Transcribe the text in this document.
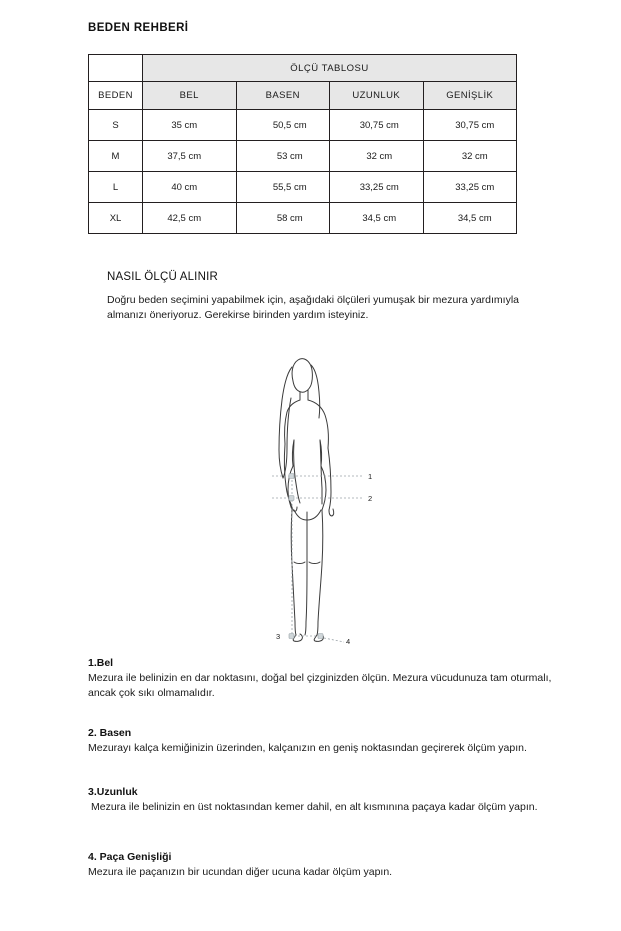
BEDEN REHBERİ
	ÖLÇÜ TABLOSU			
BEDEN	BEL	BASEN	UZUNLUK	GENİŞLİK
S	35 cm	50,5 cm	30,75 cm	30,75 cm

M	37,5 cm	53 cm	32 cm	32 cm

L	40 cm	55,5 cm	33,25 cm	33,25 cm

XL	42,5 cm	58 cm	34,5 cm	34,5 cm
NASIL ÖLÇÜ ALINIR
Doğru beden seçimini yapabilmek için, aşağıdaki ölçüleri yumuşak bir mezura yardımıyla almanızı öneriyoruz. Gerekirse birinden yardım isteyiniz.
1
2
3
4
1.Bel

Mezura ile belinizin en dar noktasını, doğal bel çizginizden ölçün. Mezura vücudunuza tam oturmalı, ancak çok sıkı olmamalıdır.

2. Basen

Mezurayı kalça kemiğinizin üzerinden, kalçanızın en geniş noktasından geçirerek ölçüm yapın.

3.Uzunluk

Mezura ile belinizin en üst noktasından kemer dahil, en alt kısmınına paçaya kadar ölçüm yapın.

4. Paça Genişliği

Mezura ile paçanızın bir ucundan diğer ucuna kadar ölçüm yapın.
